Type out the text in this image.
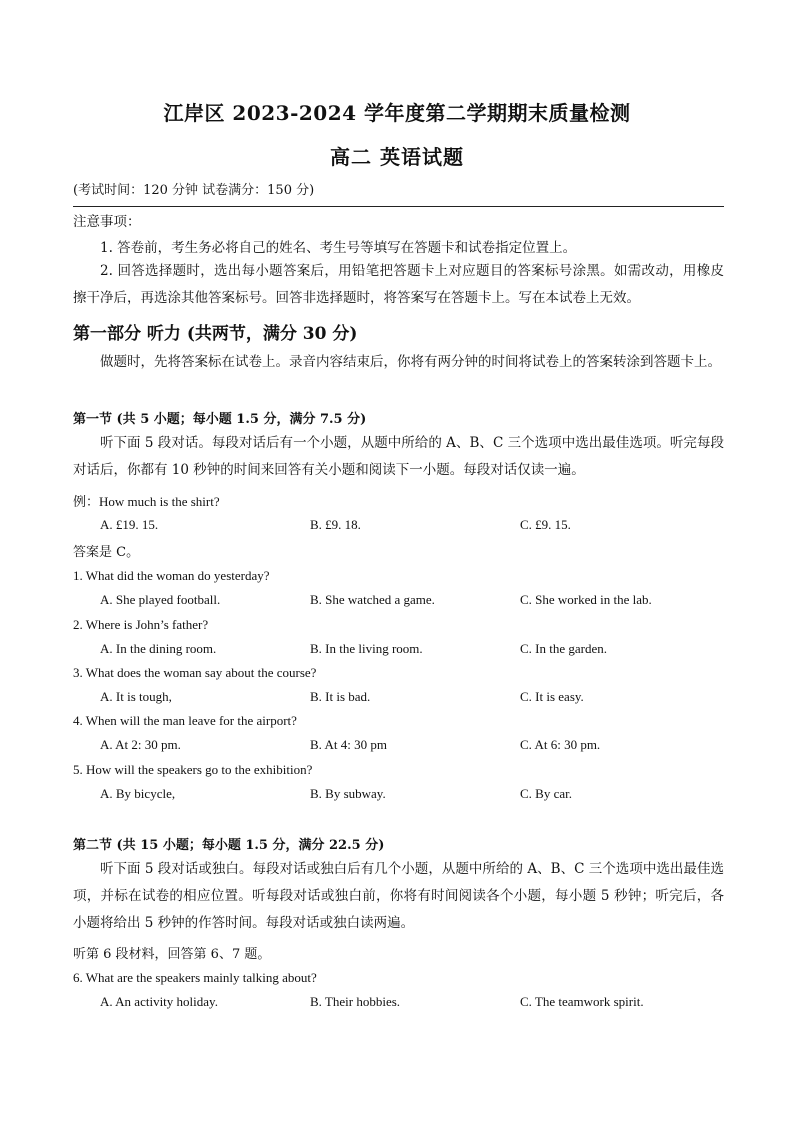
江岸区 2023-2024 学年度第二学期期末质量检测
高二 英语试题
(考试时间：120 分钟 试卷满分：150 分)
注意事项：
1. 答卷前，考生务必将自己的姓名、考生号等填写在答题卡和试卷指定位置上。
2. 回答选择题时，选出每小题答案后，用铅笔把答题卡上对应题目的答案标号涂黑。如需改动，用橡皮擦干净后，再选涂其他答案标号。回答非选择题时，将答案写在答题卡上。写在本试卷上无效。
第一部分 听力 (共两节，满分 30 分)
做题时，先将答案标在试卷上。录音内容结束后，你将有两分钟的时间将试卷上的答案转涂到答题卡上。
第一节 (共 5 小题；每小题 1.5 分，满分 7.5 分)
听下面 5 段对话。每段对话后有一个小题，从题中所给的 A、B、C 三个选项中选出最佳选项。听完每段对话后，你都有 10 秒钟的时间来回答有关小题和阅读下一小题。每段对话仅读一遍。
例：How much is the shirt?
A. £19. 15.	B. £9. 18.	C. £9. 15.
答案是 C。
1. What did the woman do yesterday?
A. She played football.	B. She watched a game.	C. She worked in the lab.
2. Where is John’s father?
A. In the dining room.	B. In the living room.	C. In the garden.
3. What does the woman say about the course?
A. It is tough,	B. It is bad.	C. It is easy.
4. When will the man leave for the airport?
A. At 2: 30 pm.	B. At 4: 30 pm	C. At 6: 30 pm.
5. How will the speakers go to the exhibition?
A. By bicycle,	B. By subway.	C. By car.
第二节 (共 15 小题；每小题 1.5 分，满分 22.5 分)
听下面 5 段对话或独白。每段对话或独白后有几个小题，从题中所给的 A、B、C 三个选项中选出最佳选项，并标在试卷的相应位置。听每段对话或独白前，你将有时间阅读各个小题，每小题 5 秒钟；听完后，各小题将给出 5 秒钟的作答时间。每段对话或独白读两遍。
听第 6 段材料，回答第 6、7 题。
6. What are the speakers mainly talking about?
A. An activity holiday.	B. Their hobbies.	C. The teamwork spirit.
